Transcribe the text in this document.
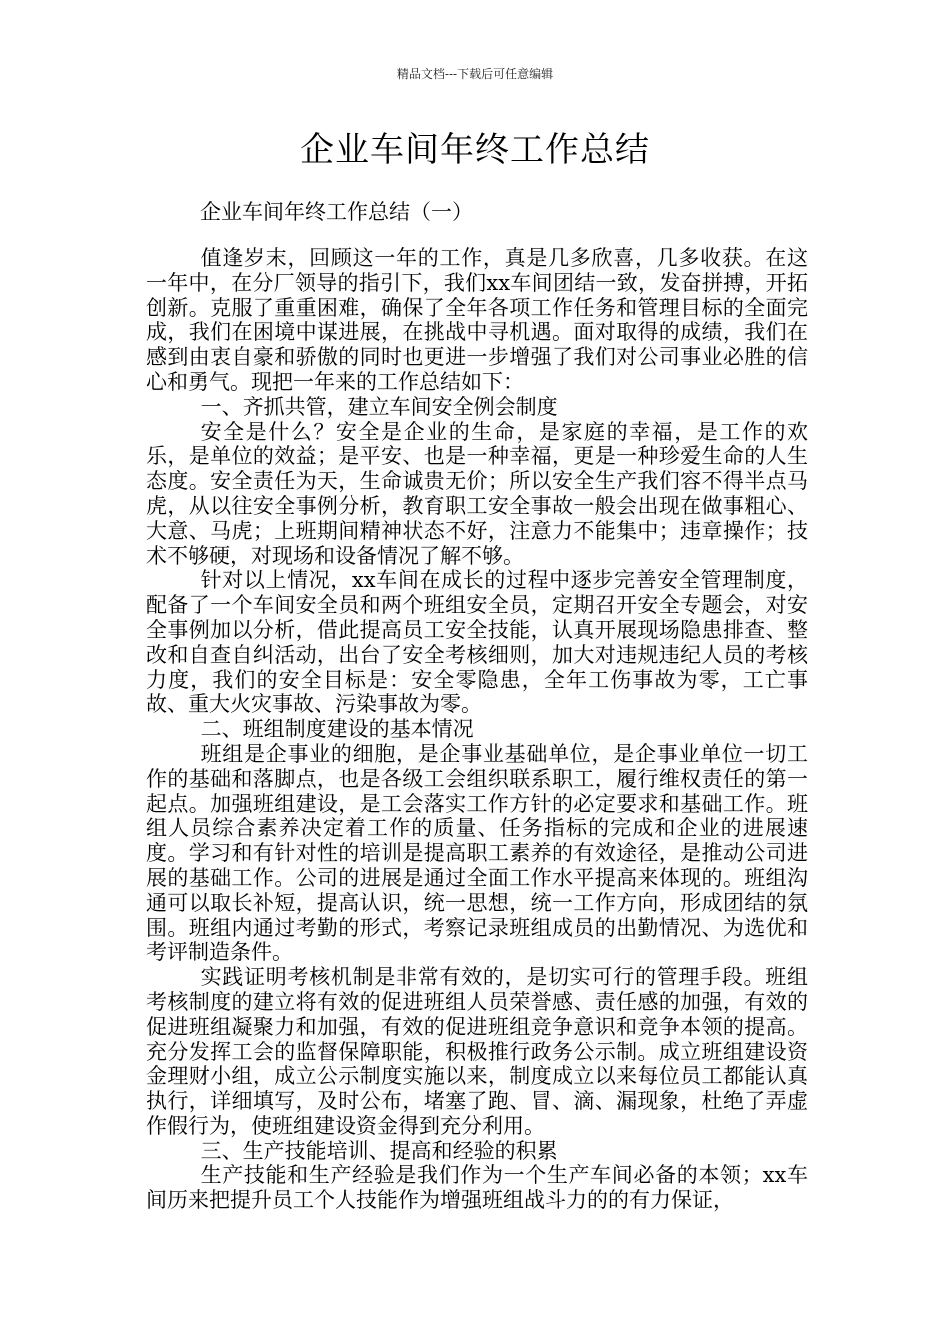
精品文档---下载后可任意编辑
企业车间年终工作总结
企业车间年终工作总结（一）

值逢岁末，回顾这一年的工作，真是几多欣喜，几多收获。在这一年中，在分厂领导的指引下，我们xx车间团结一致，发奋拼搏，开拓创新。克服了重重困难，确保了全年各项工作任务和管理目标的全面完成，我们在困境中谋进展，在挑战中寻机遇。面对取得的成绩，我们在感到由衷自豪和骄傲的同时也更进一步增强了我们对公司事业必胜的信心和勇气。现把一年来的工作总结如下：

一、齐抓共管，建立车间安全例会制度

安全是什么？安全是企业的生命，是家庭的幸福，是工作的欢乐，是单位的效益；是平安、也是一种幸福，更是一种珍爱生命的人生态度。安全责任为天，生命诚贵无价；所以安全生产我们容不得半点马虎，从以往安全事例分析，教育职工安全事故一般会出现在做事粗心、大意、马虎；上班期间精神状态不好，注意力不能集中；违章操作；技术不够硬，对现场和设备情况了解不够。

针对以上情况，xx车间在成长的过程中逐步完善安全管理制度，配备了一个车间安全员和两个班组安全员，定期召开安全专题会，对安全事例加以分析，借此提高员工安全技能，认真开展现场隐患排查、整改和自查自纠活动，出台了安全考核细则，加大对违规违纪人员的考核力度，我们的安全目标是：安全零隐患，全年工伤事故为零，工亡事故、重大火灾事故、污染事故为零。

二、班组制度建设的基本情况

班组是企事业的细胞，是企事业基础单位，是企事业单位一切工作的基础和落脚点，也是各级工会组织联系职工，履行维权责任的第一起点。加强班组建设，是工会落实工作方针的必定要求和基础工作。班组人员综合素养决定着工作的质量、任务指标的完成和企业的进展速度。学习和有针对性的培训是提高职工素养的有效途径，是推动公司进展的基础工作。公司的进展是通过全面工作水平提高来体现的。班组沟通可以取长补短，提高认识，统一思想，统一工作方向，形成团结的氛围。班组内通过考勤的形式，考察记录班组成员的出勤情况、为选优和考评制造条件。

实践证明考核机制是非常有效的，是切实可行的管理手段。班组考核制度的建立将有效的促进班组人员荣誉感、责任感的加强，有效的促进班组凝聚力和加强，有效的促进班组竞争意识和竞争本领的提高。充分发挥工会的监督保障职能，积极推行政务公示制。成立班组建设资金理财小组，成立公示制度实施以来，制度成立以来每位员工都能认真执行，详细填写，及时公布，堵塞了跑、冒、滴、漏现象，杜绝了弄虚作假行为，使班组建设资金得到充分利用。

三、生产技能培训、提高和经验的积累

生产技能和生产经验是我们作为一个生产车间必备的本领；xx车间历来把提升员工个人技能作为增强班组战斗力的的有力保证，
